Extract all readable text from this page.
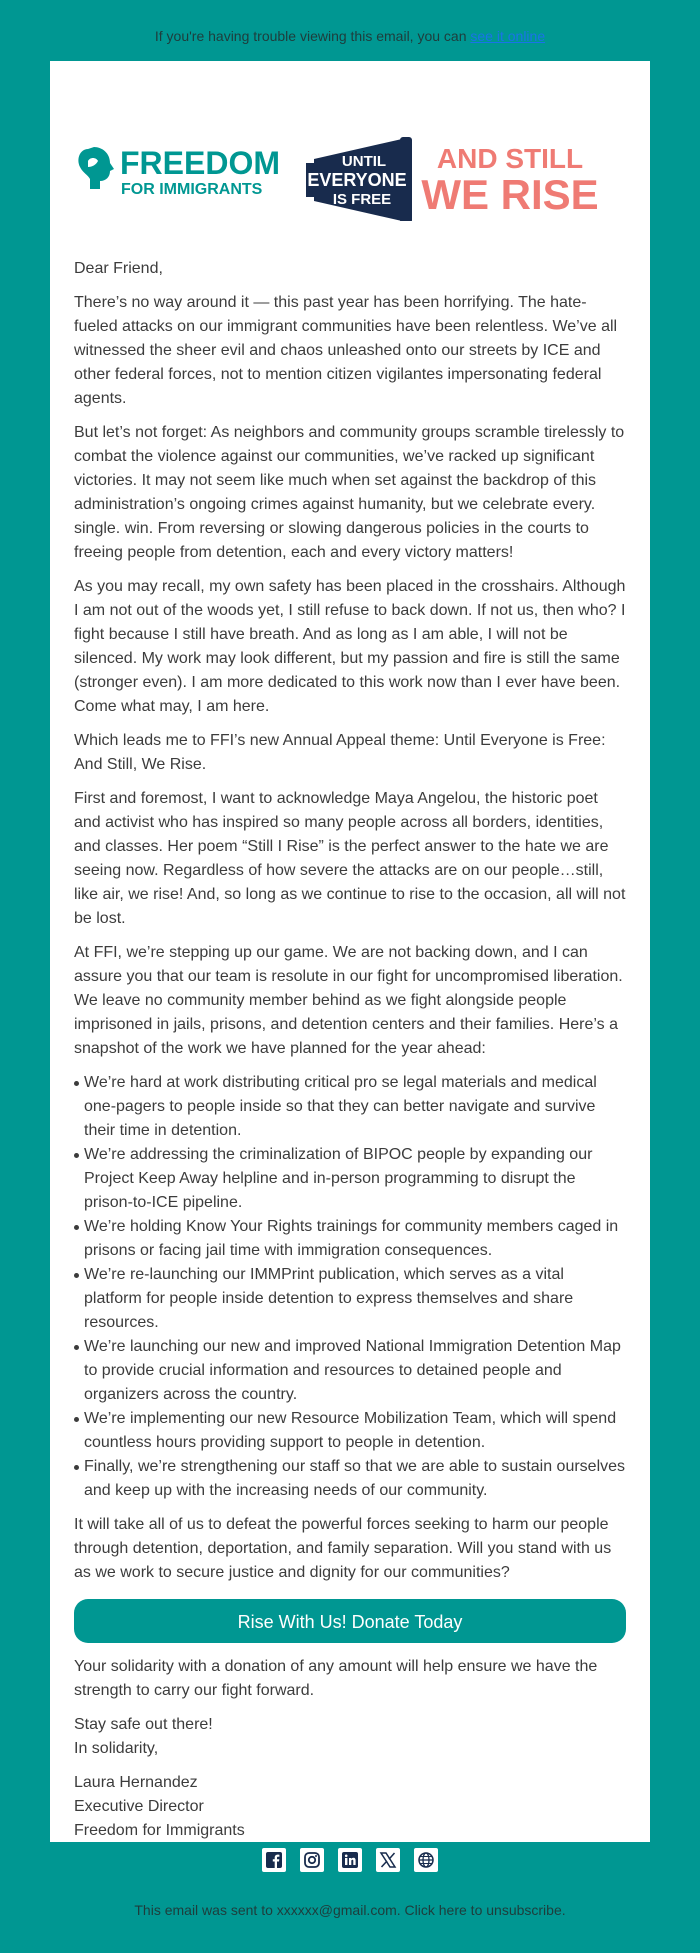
If you're having trouble viewing this email, you can see it online
FREEDOM
FOR IMMIGRANTS
UNTIL
EVERYONE
IS FREE
AND STILL
WE RISE

Dear Friend,

There’s no way around it — this past year has been horrifying. The hate-fueled attacks on our immigrant communities have been relentless. We’ve all witnessed the sheer evil and chaos unleashed onto our streets by ICE and other federal forces, not to mention citizen vigilantes impersonating federal agents.

But let’s not forget: As neighbors and community groups scramble tirelessly to combat the violence against our communities, we’ve racked up significant victories. It may not seem like much when set against the backdrop of this administration’s ongoing crimes against humanity, but we celebrate every. single. win. From reversing or slowing dangerous policies in the courts to freeing people from detention, each and every victory matters!

As you may recall, my own safety has been placed in the crosshairs. Although I am not out of the woods yet, I still refuse to back down. If not us, then who? I fight because I still have breath. And as long as I am able, I will not be silenced. My work may look different, but my passion and fire is still the same (stronger even). I am more dedicated to this work now than I ever have been. Come what may, I am here.

Which leads me to FFI’s new Annual Appeal theme: Until Everyone is Free: And Still, We Rise.

First and foremost, I want to acknowledge Maya Angelou, the historic poet and activist who has inspired so many people across all borders, identities, and classes. Her poem “Still I Rise” is the perfect answer to the hate we are seeing now. Regardless of how severe the attacks are on our people…still, like air, we rise! And, so long as we continue to rise to the occasion, all will not be lost.

At FFI, we’re stepping up our game. We are not backing down, and I can assure you that our team is resolute in our fight for uncompromised liberation. We leave no community member behind as we fight alongside people imprisoned in jails, prisons, and detention centers and their families. Here’s a snapshot of the work we have planned for the year ahead:

We’re hard at work distributing critical pro se legal materials and medical one-pagers to people inside so that they can better navigate and survive their time in detention.
We’re addressing the criminalization of BIPOC people by expanding our Project Keep Away helpline and in-person programming to disrupt the prison-to-ICE pipeline.
We’re holding Know Your Rights trainings for community members caged in prisons or facing jail time with immigration consequences.
We’re re-launching our IMMPrint publication, which serves as a vital platform for people inside detention to express themselves and share resources.
We’re launching our new and improved National Immigration Detention Map to provide crucial information and resources to detained people and organizers across the country.
We’re implementing our new Resource Mobilization Team, which will spend countless hours providing support to people in detention.
Finally, we’re strengthening our staff so that we are able to sustain ourselves and keep up with the increasing needs of our community.

It will take all of us to defeat the powerful forces seeking to harm our people through detention, deportation, and family separation. Will you stand with us as we work to secure justice and dignity for our communities?

Rise With Us! Donate Today

Your solidarity with a donation of any amount will help ensure we have the strength to carry our fight forward.

Stay safe out there!
In solidarity,

Laura Hernandez
Executive Director
Freedom for Immigrants

This email was sent to xxxxxx@gmail.com. Click here to unsubscribe.
